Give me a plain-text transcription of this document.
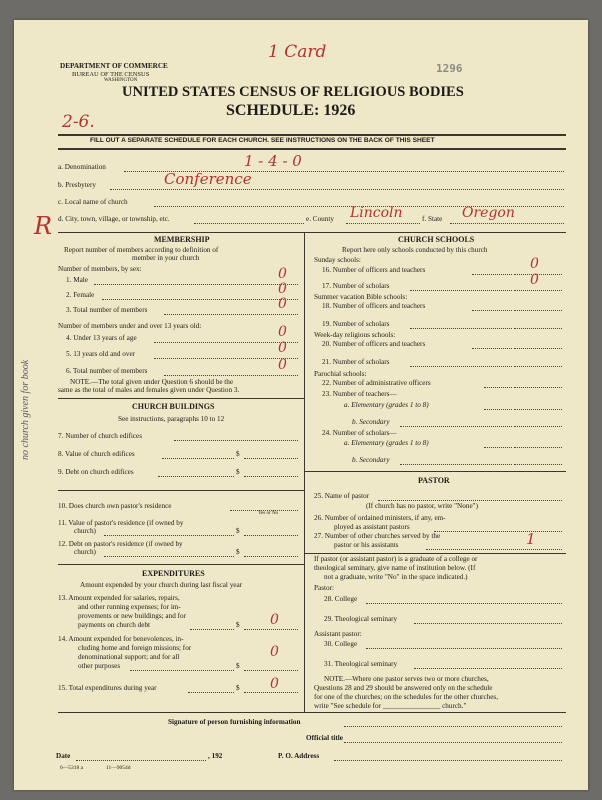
DEPARTMENT OF COMMERCE
BUREAU OF THE CENSUS
WASHINGTON
1 Card
1296
UNITED STATES CENSUS OF RELIGIOUS BODIES
SCHEDULE: 1926
2-6.
FILL OUT A SEPARATE SCHEDULE FOR EACH CHURCH. SEE INSTRUCTIONS ON THE BACK OF THIS SHEET
a. Denomination	1 - 4 - 0
b. Presbytery	Conference
c. Local name of church
R d. City, town, village, or township, etc.	e. County Lincoln	f. State Oregon
no church given for book
MEMBERSHIP
Report number of members according to definition of
member in your church
Number of members, by sex:
1. Male	0
2. Female	0
3. Total number of members	0
Number of members under and over 13 years old:
4. Under 13 years of age	0
5. 13 years old and over	0
6. Total number of members	0
NOTE.—The total given under Question 6 should be the
same as the total of males and females given under Question 3.
CHURCH BUILDINGS
See instructions, paragraphs 10 to 12
7. Number of church edifices
8. Value of church edifices	$
9. Debt on church edifices	$
10. Does church own pastor's residence
Yes or No
11. Value of pastor's residence (if owned by
church)	$
12. Debt on pastor's residence (if owned by
church)	$
EXPENDITURES
Amount expended by your church during last fiscal year
13. Amount expended for salaries, repairs,
and other running expenses; for im-
provements or new buildings; and for
payments on church debt	$ 0
14. Amount expended for benevolences, in-
cluding home and foreign missions; for
denominational support; and for all
other purposes	$
0
15. Total expenditures during year	$ 0
CHURCH SCHOOLS
Report here only schools conducted by this church
Sunday schools:
16. Number of officers and teachers	0
17. Number of scholars	0
Summer vacation Bible schools:
18. Number of officers and teachers
19. Number of scholars
Week-day religious schools:
20. Number of officers and teachers
21. Number of scholars
Parochial schools:
22. Number of administrative officers
23. Number of teachers—
a. Elementary (grades 1 to 8)
b. Secondary
24. Number of scholars—
a. Elementary (grades 1 to 8)
b. Secondary
PASTOR
25. Name of pastor
(If church has no pastor, write "None")
26. Number of ordained ministers, if any, em-
ployed as assistant pastors
27. Number of other churches served by the
pastor or his assistants	1
If pastor (or assistant pastor) is a graduate of a college or
theological seminary, give name of institution below. (If
not a graduate, write "No" in the space indicated.)
Pastor:
28. College
29. Theological seminary
Assistant pastor:
30. College
31. Theological seminary
NOTE.—Where one pastor serves two or more churches,
Questions 28 and 29 should be answered only on the schedule
for one of the churches; on the schedules for the other churches,
write "See schedule for ________________ church."
Signature of person furnishing information
Official title
Date	, 192	P. O. Address
6—5318 a	11—9054d
